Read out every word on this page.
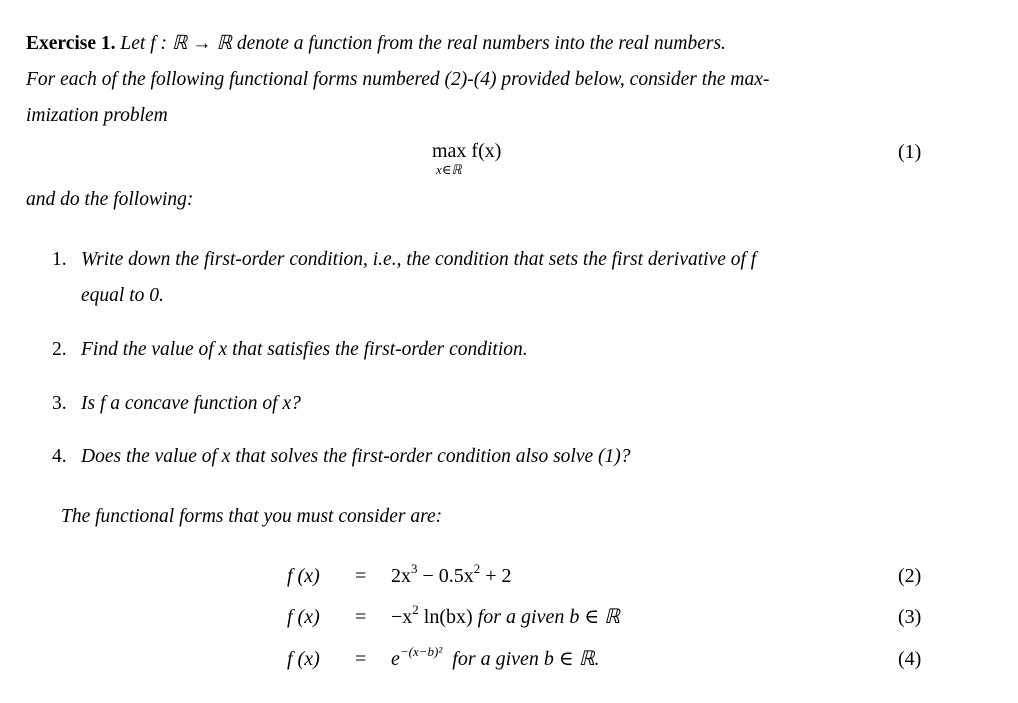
Exercise 1. Let f : ℝ → ℝ denote a function from the real numbers into the real numbers.
For each of the following functional forms numbered (2)-(4) provided below, consider the max-
imization problem
max f(x)
x∈ℝ
(1)
and do the following:
1. Write down the first-order condition, i.e., the condition that sets the first derivative of f
equal to 0.
2. Find the value of x that satisfies the first-order condition.
3. Is f a concave function of x?
4. Does the value of x that solves the first-order condition also solve (1)?
The functional forms that you must consider are:
f $(x) = 2x^3 - 0.5x^2 + 2$	(2)
f $(x) = -x^2$ ln(bx) for a given b ∈ ℝ	(3)
f $(x) = e^{-(x-b)^2}$  for a given b ∈ ℝ.	(4)
